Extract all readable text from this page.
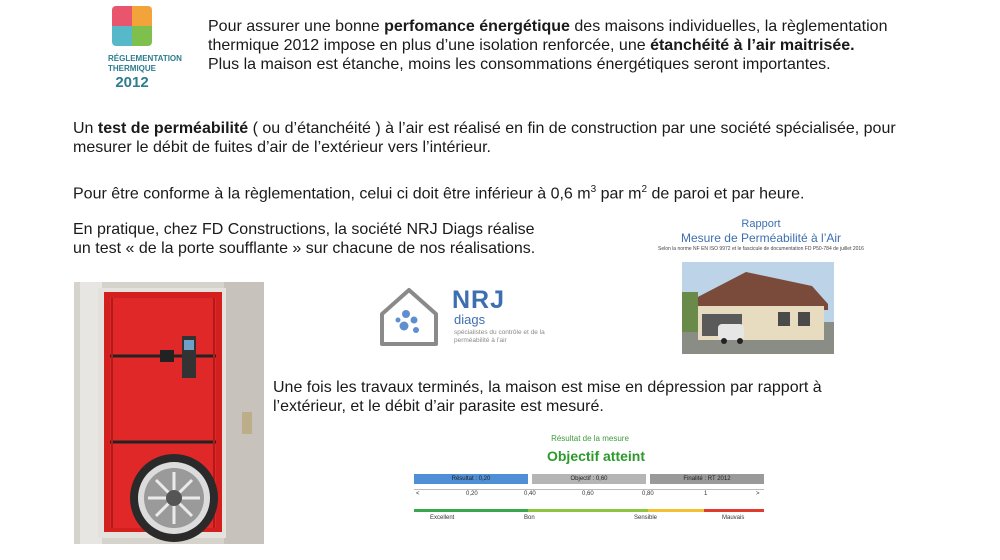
RÉGLEMENTATION
THERMIQUE
2012
Pour assurer une bonne perfomance énergétique des maisons individuelles, la règlementation thermique 2012 impose en plus d’une isolation renforcée, une étanchéité à l’air maitrisée.
Plus la maison est étanche, moins les consommations énergétiques seront importantes.
Un test de perméabilité ( ou d’étanchéité ) à l’air est réalisé en fin de construction par une société spécialisée, pour mesurer le débit de fuites d’air de l’extérieur vers l’intérieur.
Pour être conforme à la règlementation, celui ci doit être inférieur à 0,6 $m^3$ par $m^2$ de paroi et par heure.
En pratique, chez FD Constructions, la société NRJ Diags réalise
un test « de la porte soufflante » sur chacune de nos réalisations.
NRJ
diags
spécialistes du contrôle et de la perméabilité à l’air
Rapport
Mesure de Perméabilité à l’Air
Selon la norme NF EN ISO 9972 et le fascicule de documentation FD P50-784 de juillet 2016
Une fois les travaux terminés, la maison est mise en dépression par rapport à
l’extérieur, et le débit d’air parasite est mesuré.
Résultat de la mesure
Objectif atteint
Résultat : 0,20	Objectif : 0,60	Finalité : RT 2012
<	0,20	0,40	0,60	0,80	1	>
Excellent	Bon	Sensible	Mauvais
